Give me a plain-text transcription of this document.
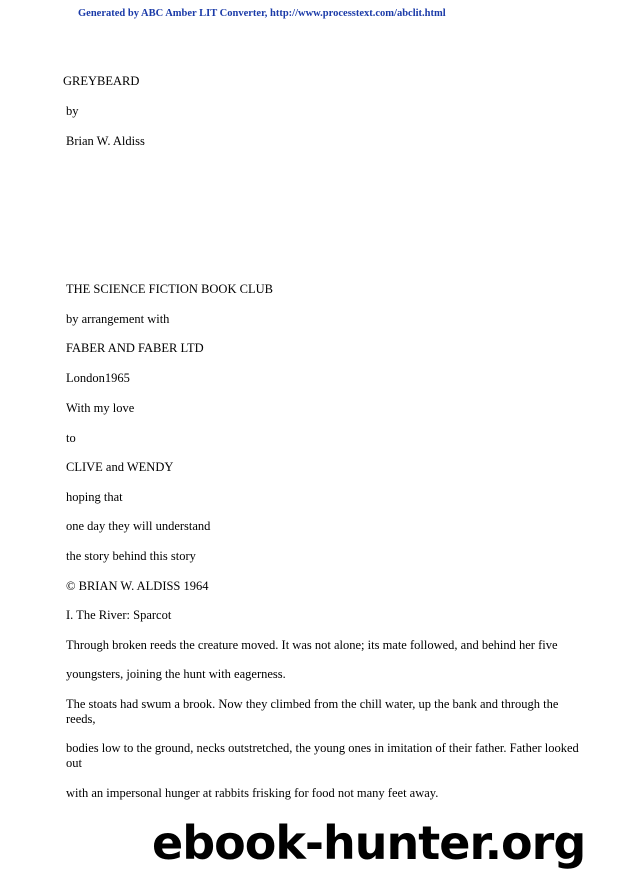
Generated by ABC Amber LIT Converter, http://www.processtext.com/abclit.html
GREYBEARD
by
Brian W. Aldiss
THE SCIENCE FICTION BOOK CLUB
by arrangement with
FABER AND FABER LTD
London1965
With my love
to
CLIVE and WENDY
hoping that
one day they will understand
the story behind this story
© BRIAN W. ALDISS 1964
I. The River: Sparcot
Through broken reeds the creature moved. It was not alone; its mate followed, and behind her five
youngsters, joining the hunt with eagerness.
The stoats had swum a brook. Now they climbed from the chill water, up the bank and through the
reeds,
bodies low to the ground, necks outstretched, the young ones in imitation of their father. Father looked
out
with an impersonal hunger at rabbits frisking for food not many feet away.
ebook-hunter.org
